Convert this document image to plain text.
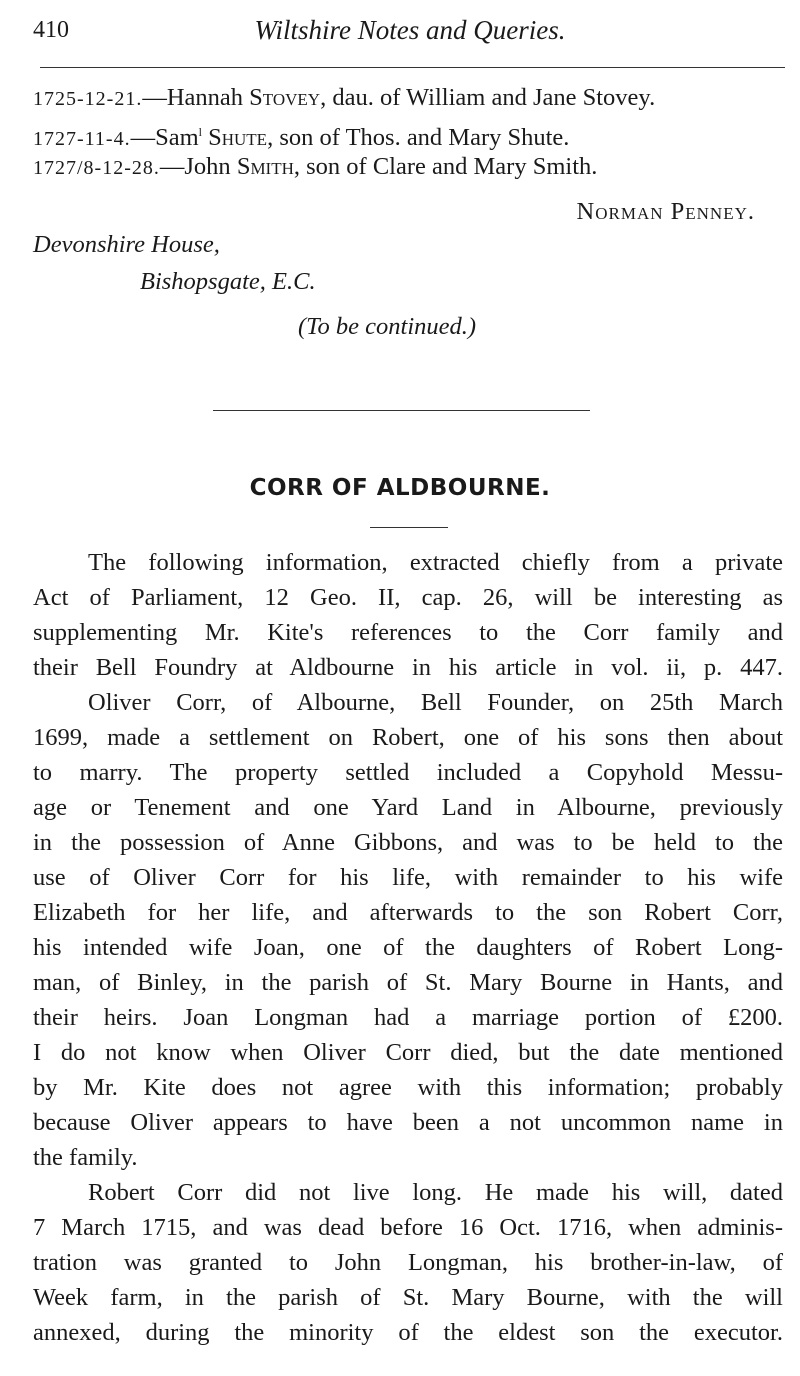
410	Wiltshire Notes and Queries.
1725-12-21.—Hannah Stovey, dau. of William and Jane Stovey.
1727-11-4.—Sam$^l$ Shute, son of Thos. and Mary Shute.
1727/8-12-28.—John Smith, son of Clare and Mary Smith.
Norman Penney.
Devonshire House,
Bishopsgate, E.C.
(To be continued.)
CORR OF ALDBOURNE.
The following information, extracted chiefly from a private
Act of Parliament, 12 Geo. II, cap. 26, will be interesting as
supplementing Mr. Kite's references to the Corr family and
their Bell Foundry at Aldbourne in his article in vol. ii, p. 447.
Oliver Corr, of Albourne, Bell Founder, on 25th March
1699, made a settlement on Robert, one of his sons then about
to marry. The property settled included a Copyhold Messu-
age or Tenement and one Yard Land in Albourne, previously
in the possession of Anne Gibbons, and was to be held to the
use of Oliver Corr for his life, with remainder to his wife
Elizabeth for her life, and afterwards to the son Robert Corr,
his intended wife Joan, one of the daughters of Robert Long-
man, of Binley, in the parish of St. Mary Bourne in Hants, and
their heirs. Joan Longman had a marriage portion of £200.
I do not know when Oliver Corr died, but the date mentioned
by Mr. Kite does not agree with this information; probably
because Oliver appears to have been a not uncommon name in
the family.
Robert Corr did not live long. He made his will, dated
7 March 1715, and was dead before 16 Oct. 1716, when adminis-
tration was granted to John Longman, his brother-in-law, of
Week farm, in the parish of St. Mary Bourne, with the will
annexed, during the minority of the eldest son the executor.
